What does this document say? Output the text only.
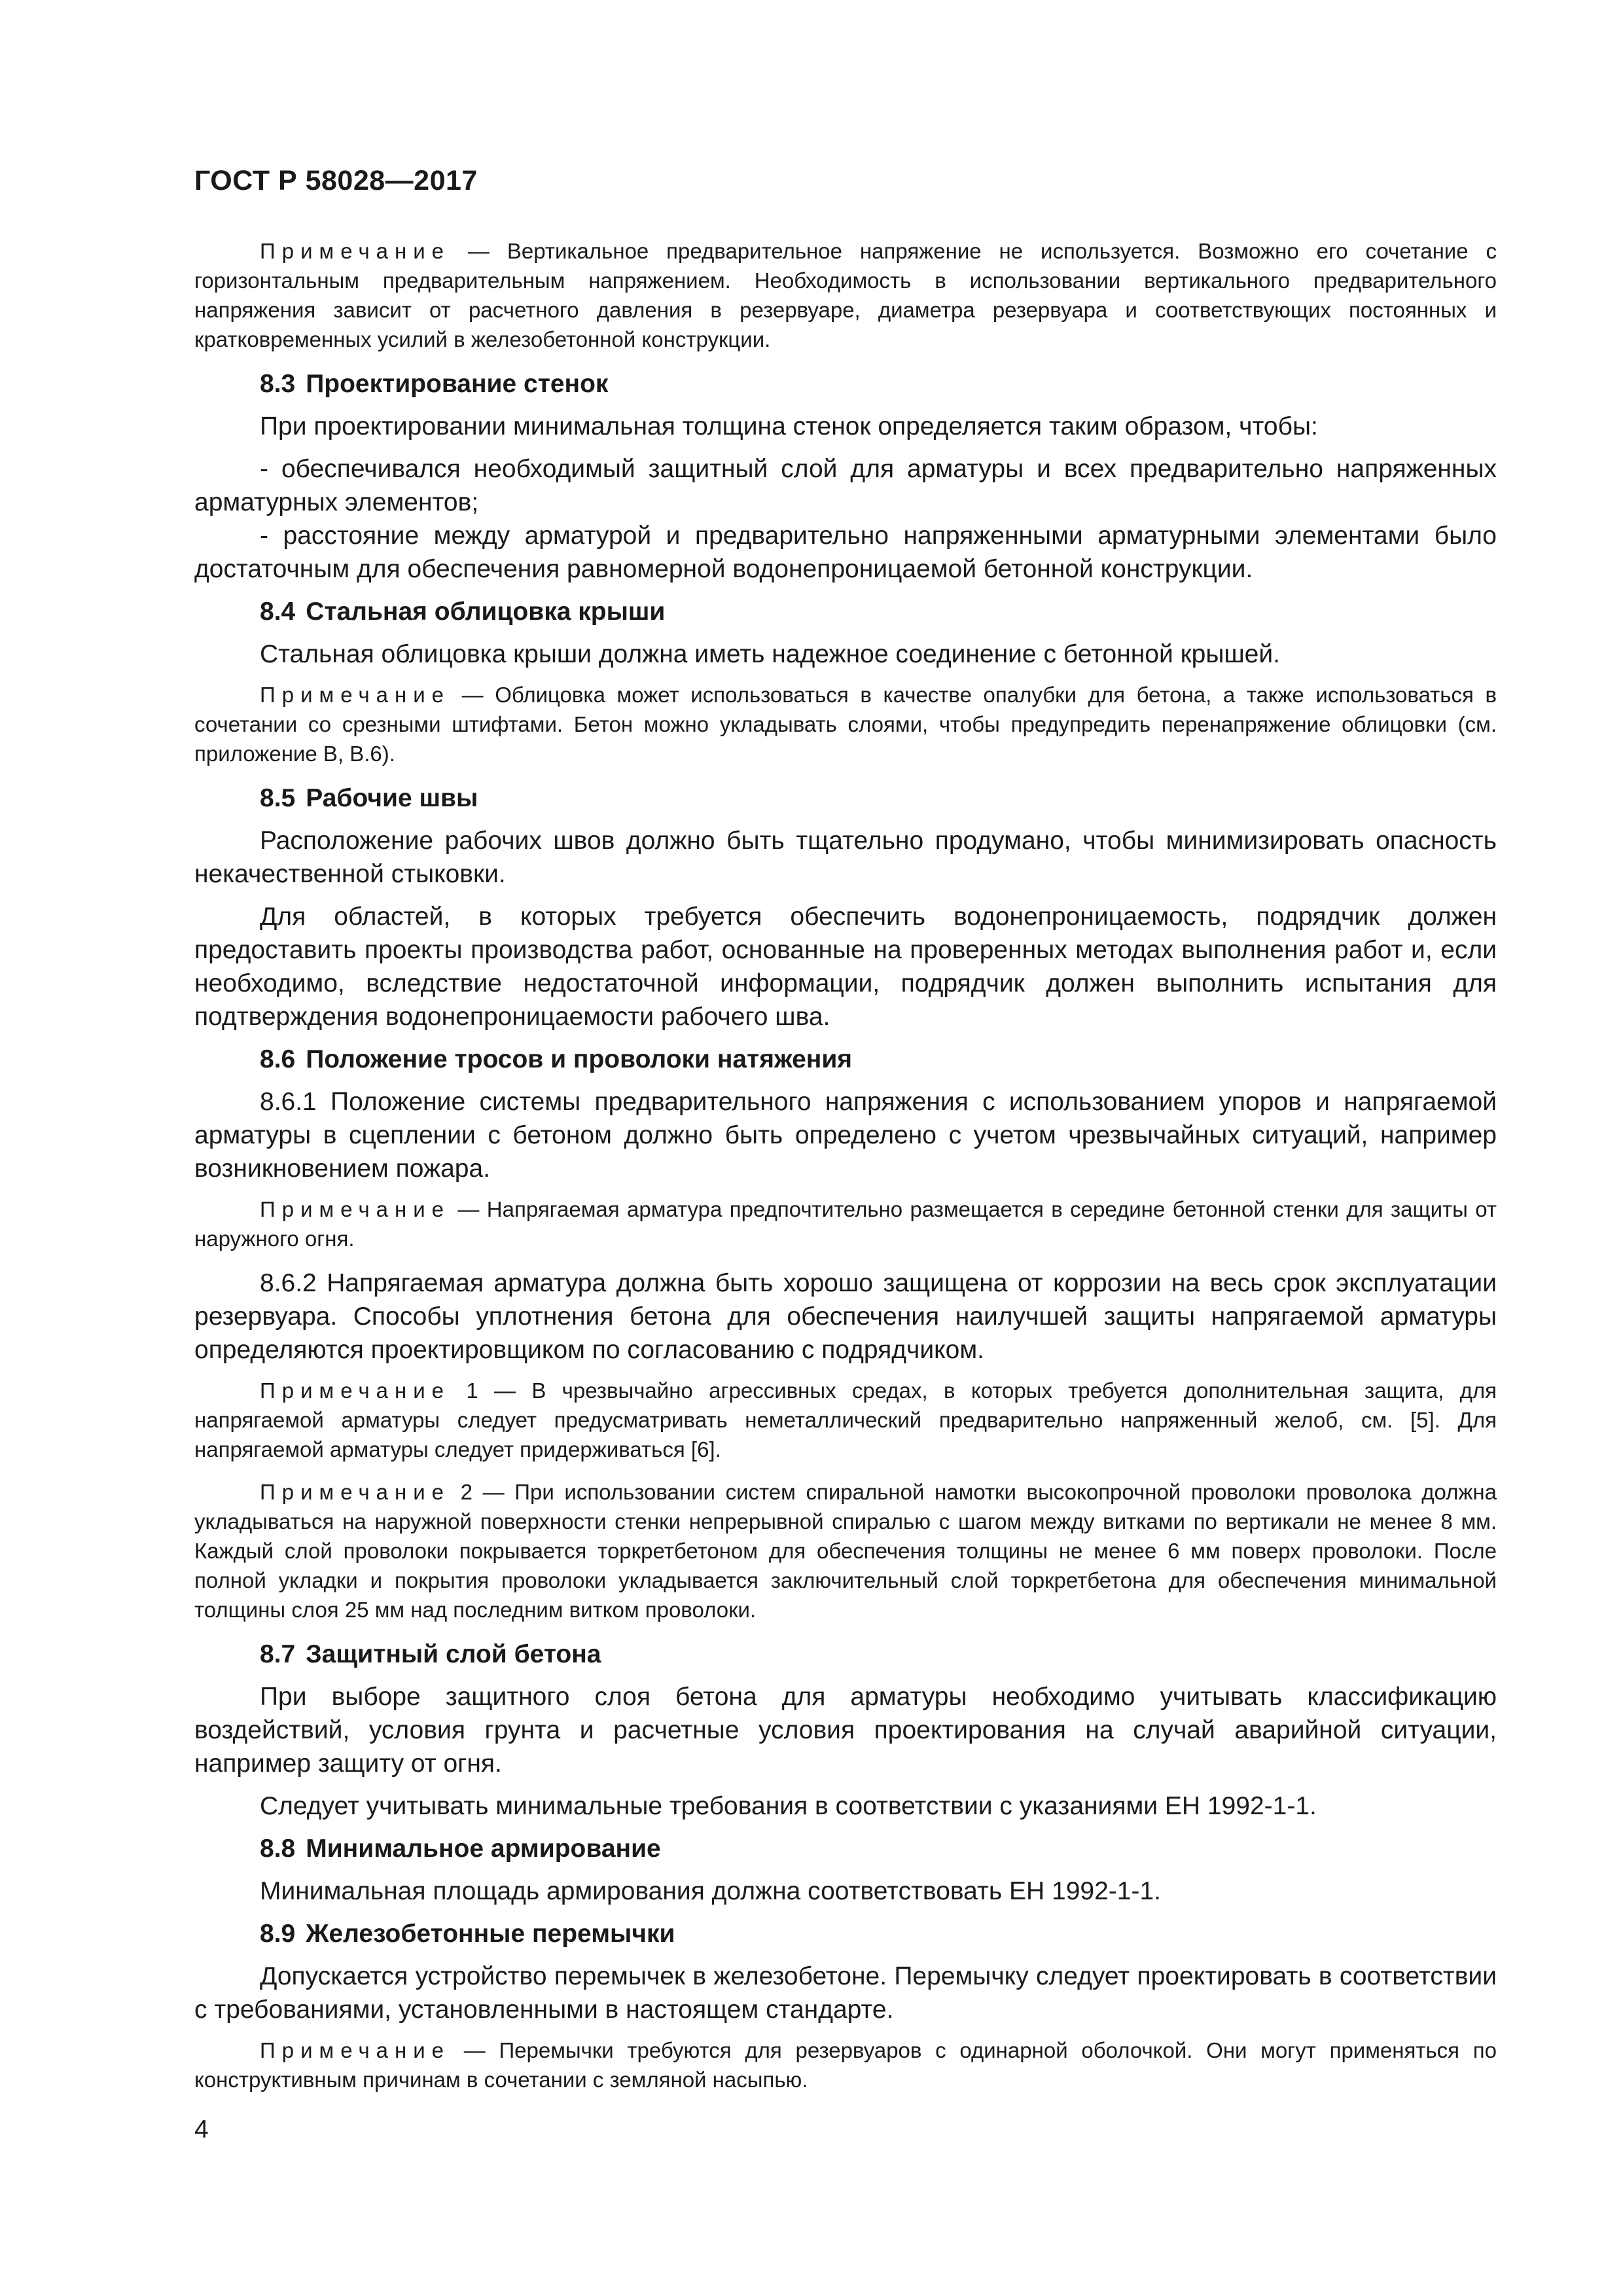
ГОСТ Р 58028—2017

Примечание — Вертикальное предварительное напряжение не используется. Возможно его сочетание с горизонтальным предварительным напряжением. Необходимость в использовании вертикального предварительного напряжения зависит от расчетного давления в резервуаре, диаметра резервуара и соответствующих постоянных и кратковременных усилий в железобетонной конструкции.

8.3 Проектирование стенок

При проектировании минимальная толщина стенок определяется таким образом, чтобы:

- обеспечивался необходимый защитный слой для арматуры и всех предварительно напряженных арматурных элементов;

- расстояние между арматурой и предварительно напряженными арматурными элементами было достаточным для обеспечения равномерной водонепроницаемой бетонной конструкции.

8.4 Стальная облицовка крыши

Стальная облицовка крыши должна иметь надежное соединение с бетонной крышей.

Примечание — Облицовка может использоваться в качестве опалубки для бетона, а также использоваться в сочетании со срезными штифтами. Бетон можно укладывать слоями, чтобы предупредить перенапряжение облицовки (см. приложение В, В.6).

8.5 Рабочие швы

Расположение рабочих швов должно быть тщательно продумано, чтобы минимизировать опасность некачественной стыковки.

Для областей, в которых требуется обеспечить водонепроницаемость, подрядчик должен предоставить проекты производства работ, основанные на проверенных методах выполнения работ и, если необходимо, вследствие недостаточной информации, подрядчик должен выполнить испытания для подтверждения водонепроницаемости рабочего шва.

8.6 Положение тросов и проволоки натяжения

8.6.1 Положение системы предварительного напряжения с использованием упоров и напрягаемой арматуры в сцеплении с бетоном должно быть определено с учетом чрезвычайных ситуаций, например возникновением пожара.

Примечание — Напрягаемая арматура предпочтительно размещается в середине бетонной стенки для защиты от наружного огня.

8.6.2 Напрягаемая арматура должна быть хорошо защищена от коррозии на весь срок эксплуатации резервуара. Способы уплотнения бетона для обеспечения наилучшей защиты напрягаемой арматуры определяются проектировщиком по согласованию с подрядчиком.

Примечание 1 — В чрезвычайно агрессивных средах, в которых требуется дополнительная защита, для напрягаемой арматуры следует предусматривать неметаллический предварительно напряженный желоб, см. [5]. Для напрягаемой арматуры следует придерживаться [6].

Примечание 2 — При использовании систем спиральной намотки высокопрочной проволоки проволока должна укладываться на наружной поверхности стенки непрерывной спиралью с шагом между витками по вертикали не менее 8 мм. Каждый слой проволоки покрывается торкретбетоном для обеспечения толщины не менее 6 мм поверх проволоки. После полной укладки и покрытия проволоки укладывается заключительный слой торкретбетона для обеспечения минимальной толщины слоя 25 мм над последним витком проволоки.

8.7 Защитный слой бетона

При выборе защитного слоя бетона для арматуры необходимо учитывать классификацию воздействий, условия грунта и расчетные условия проектирования на случай аварийной ситуации, например защиту от огня.

Следует учитывать минимальные требования в соответствии с указаниями ЕН 1992-1-1.

8.8 Минимальное армирование

Минимальная площадь армирования должна соответствовать ЕН 1992-1-1.

8.9 Железобетонные перемычки

Допускается устройство перемычек в железобетоне. Перемычку следует проектировать в соответствии с требованиями, установленными в настоящем стандарте.

Примечание — Перемычки требуются для резервуаров с одинарной оболочкой. Они могут применяться по конструктивным причинам в сочетании с земляной насыпью.

4
